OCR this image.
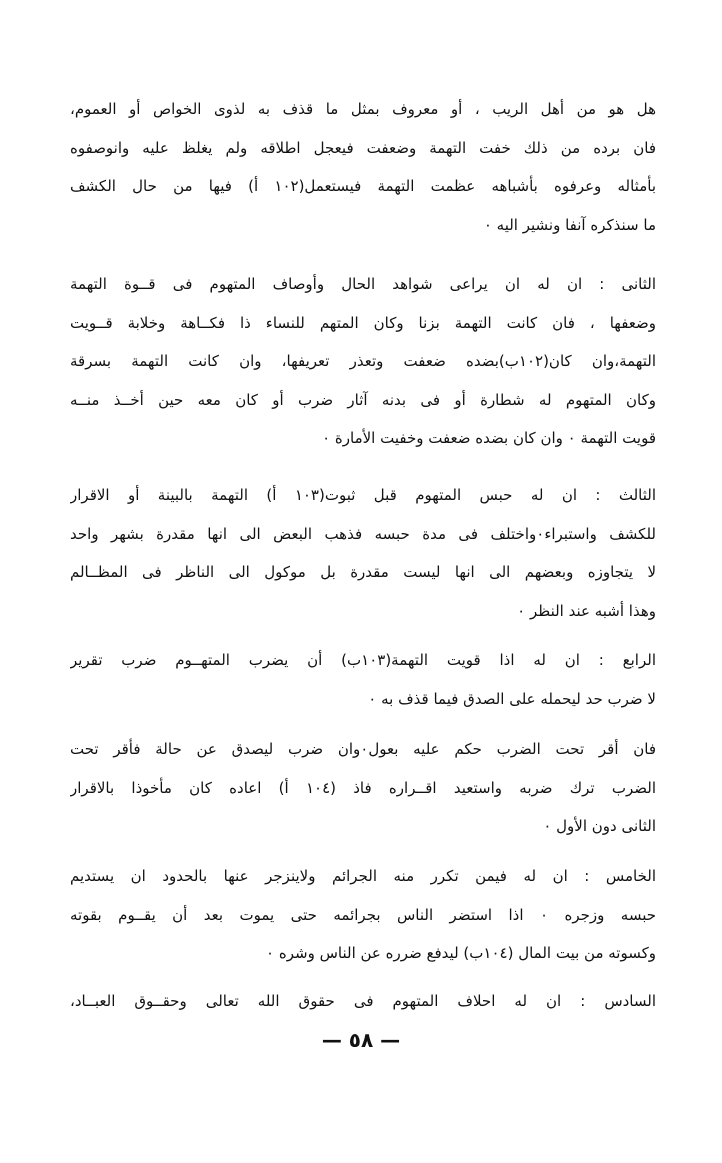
هل هو من أهل الريب ، أو معروف بمثل ما قذف به لذوى الخواص أو العموم،
فان برده من ذلك خفت التهمة وضعفت فيعجل اطلاقه ولم يغلظ عليه وانوصفوه
بأمثاله وعرفوه بأشباهه عظمت التهمة فيستعمل(١٠٢ أ) فيها من حال الكشف
ما سنذكره آنفا ونشير اليه ٠
الثانى : ان له ان يراعى شواهد الحال وأوصاف المتهوم فى قــوة التهمة
وضعفها ، فان كانت التهمة بزنا وكان المتهم للنساء ذا فكــاهة وخلابة قــويت
التهمة،وان كان(١٠٢ب)بضده ضعفت وتعذر تعريفها، وان كانت التهمة بسرقة
وكان المتهوم له شطارة أو فى بدنه آثار ضرب أو كان معه حين أخــذ منــه
قويت التهمة ٠ وان كان بضده ضعفت وخفيت الأمارة ٠
الثالث : ان له حبس المتهوم قبل ثبوت(١٠٣ أ) التهمة بالبينة أو الاقرار
للكشف واستبراء٠واختلف فى مدة حبسه فذهب البعض الى انها مقدرة بشهر واحد
لا يتجاوزه وبعضهم الى انها ليست مقدرة بل موكول الى الناظر فى المظــالم
وهذا أشبه عند النظر ٠
الرابع : ان له اذا قويت التهمة(١٠٣ب) أن يضرب المتهــوم ضرب تقرير
لا ضرب حد ليحمله على الصدق فيما قذف به ٠
فان أقر تحت الضرب حكم عليه بعول٠وان ضرب ليصدق عن حالة فأقر تحت
الضرب ترك ضربه واستعيد اقــراره فاذ (١٠٤ أ) اعاده كان مأخوذا بالاقرار
الثانى دون الأول ٠
الخامس : ان له فيمن تكرر منه الجرائم ولاينزجر عنها بالحدود ان يستديم
حبسه وزجره ٠ اذا استضر الناس بجرائمه حتى يموت بعد أن يقــوم بقوته
وكسوته من بيت المال (١٠٤ب) ليدفع ضرره عن الناس وشره ٠
السادس : ان له احلاف المتهوم فى حقوق الله تعالى وحقــوق العبــاد،
— ٥٨ —
